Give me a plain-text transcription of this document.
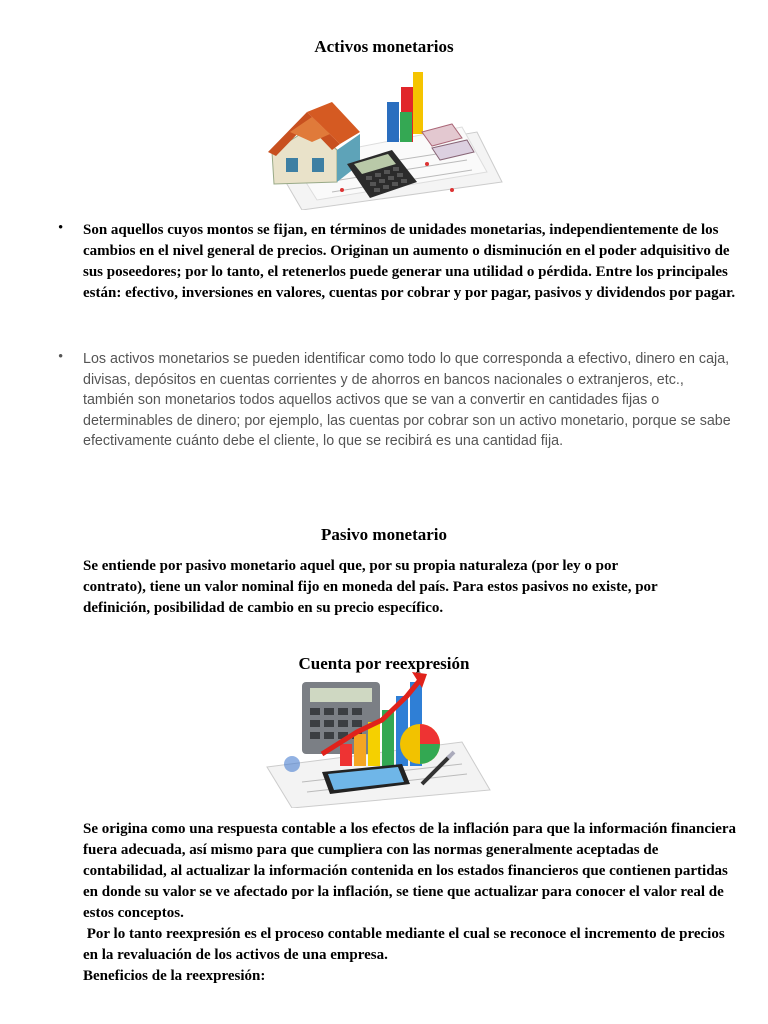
Activos monetarios
• Son aquellos cuyos montos se fijan, en términos de unidades monetarias, independientemente de los cambios en el nivel general de precios. Originan un aumento o disminución en el poder adquisitivo de sus poseedores; por lo tanto, el retenerlos puede generar una utilidad o pérdida. Entre los principales están: efectivo, inversiones en valores, cuentas por cobrar y por pagar, pasivos y dividendos por pagar.
• Los activos monetarios se pueden identificar como todo lo que corresponda a efectivo, dinero en caja, divisas, depósitos en cuentas corrientes y de ahorros en bancos nacionales o extranjeros, etc., también son monetarios todos aquellos activos que se van a convertir en cantidades fijas o determinables de dinero; por ejemplo, las cuentas por cobrar son un activo monetario, porque se sabe efectivamente cuánto debe el cliente, lo que se recibirá es una cantidad fija.
Pasivo monetario
Se entiende por pasivo monetario aquel que, por su propia naturaleza (por ley o por contrato), tiene un valor nominal fijo en moneda del país. Para estos pasivos no existe, por definición, posibilidad de cambio en su precio específico.
Cuenta por reexpresión
Se origina como una respuesta contable a los efectos de la inflación para que la información financiera fuera adecuada, así mismo para que cumpliera con las normas generalmente aceptadas de contabilidad, al actualizar la información contenida en los estados financieros que contienen partidas en donde su valor se ve afectado por la inflación, se tiene que actualizar para conocer el valor real de estos conceptos.
Por lo tanto reexpresión es el proceso contable mediante el cual se reconoce el incremento de precios en la revaluación de los activos de una empresa.
Beneficios de la reexpresión:
